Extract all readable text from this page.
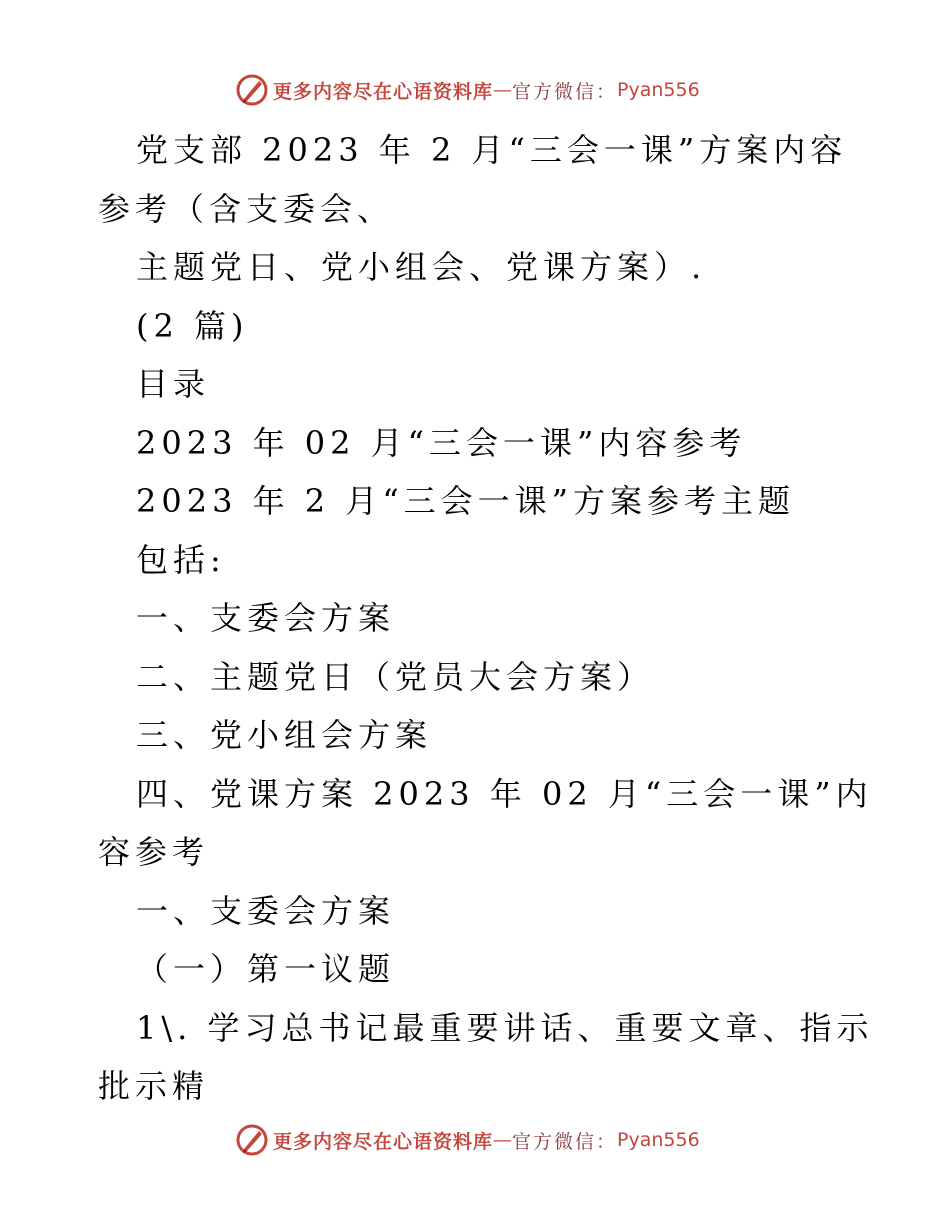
更多内容尽在心语资料库 — 官方微信： Pyan556

党支部 2023 年 2 月“三会一课”方案内容参考（含支委会、

主题党日、党小组会、党课方案）.

(2 篇)

目录

2023 年 02 月“三会一课”内容参考

2023 年 2 月“三会一课”方案参考主题

包括:

一、支委会方案

二、主题党日（党员大会方案）

三、党小组会方案

四、党课方案 2023 年 02 月“三会一课”内容参考

一、支委会方案

（一）第一议题

1\. 学习总书记最重要讲话、重要文章、指示批示精

更多内容尽在心语资料库 — 官方微信： Pyan556
